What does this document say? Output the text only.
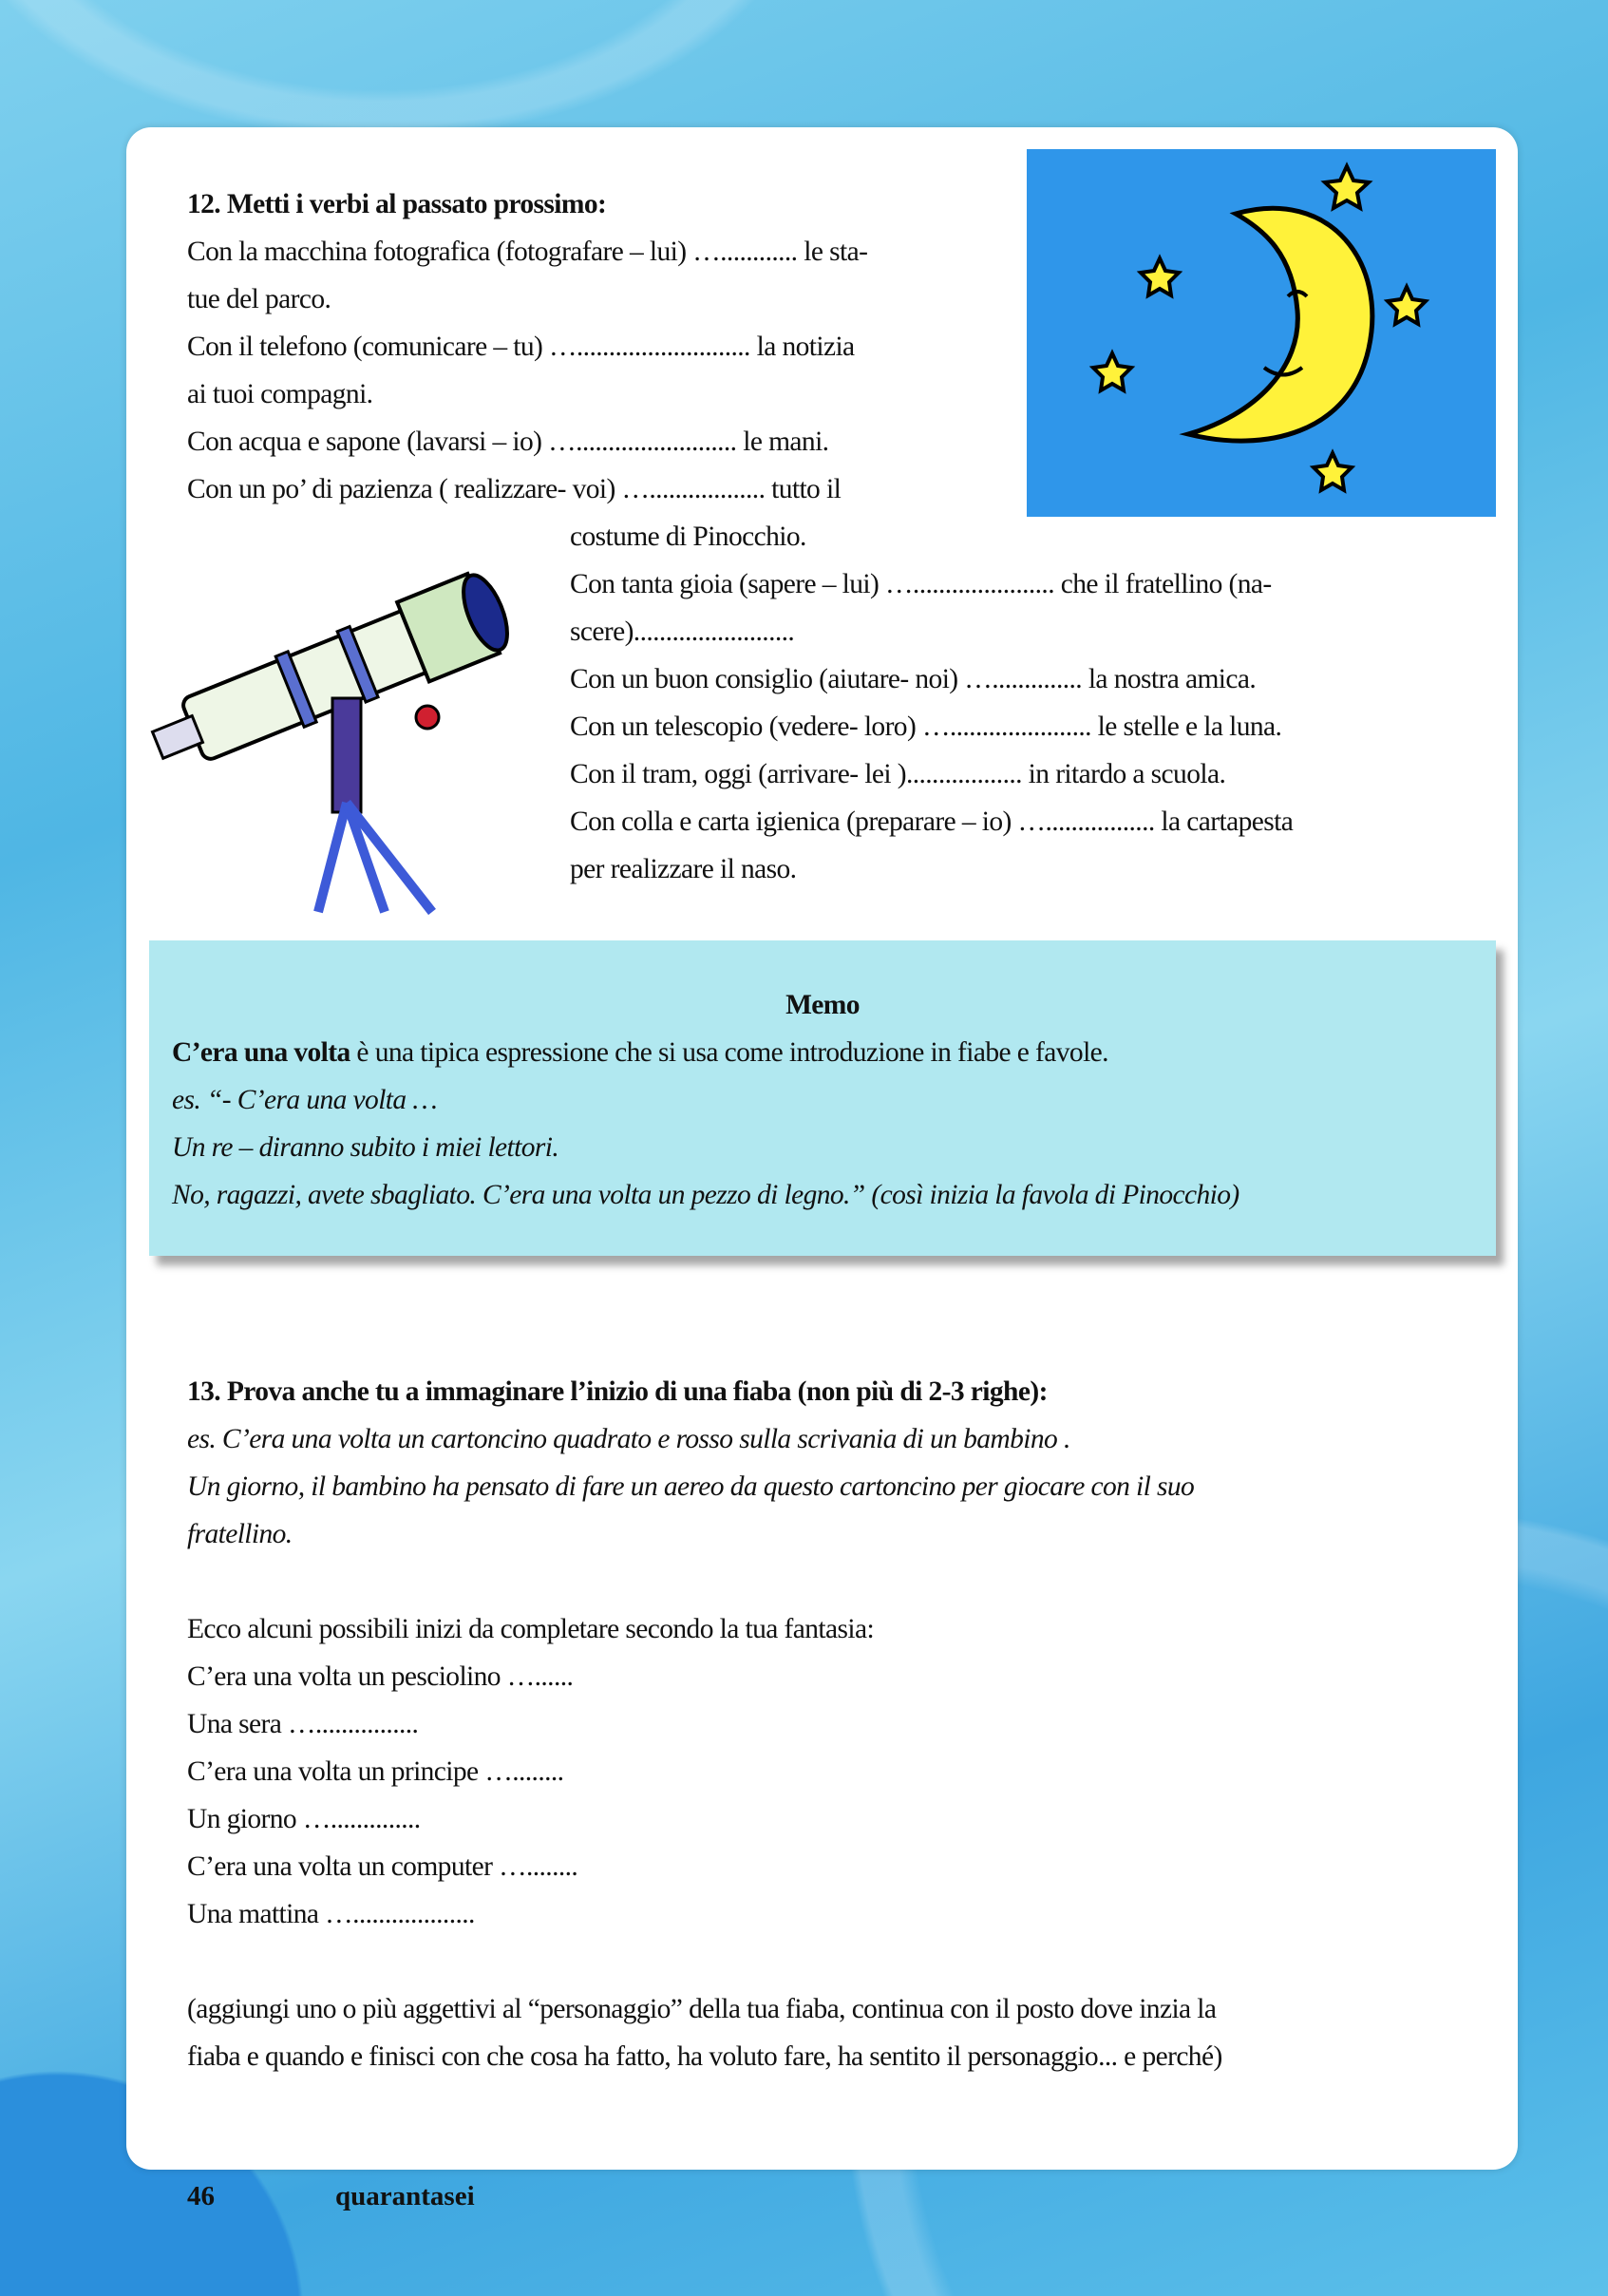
12. Metti i verbi al passato prossimo:
Con la macchina fotografica (fotografare – lui) …............ le sta-
tue del parco.
Con il telefono (comunicare – tu) …........................... la notizia
ai tuoi compagni.
Con acqua e sapone (lavarsi – io) …......................... le mani.
Con un po’ di pazienza ( realizzare- voi) ….................. tutto il
costume di Pinocchio.
Con tanta gioia (sapere – lui) …...................... che il fratellino (na-
scere).........................
Con un buon consiglio (aiutare- noi) ….............. la nostra amica.
Con un telescopio (vedere- loro) …...................... le stelle e la luna.
Con il tram, oggi (arrivare- lei ).................. in ritardo a scuola.
Con colla e carta igienica (preparare – io) …................. la cartapesta
per realizzare il naso.
Memo
C’era una volta è una tipica espressione che si usa come introduzione in fiabe e favole.
es. “- C’era una volta …
Un re – diranno subito i miei lettori.
No, ragazzi, avete sbagliato. C’era una volta un pezzo di legno.” (così inizia la favola di Pinocchio)
13. Prova anche tu a immaginare l’inizio di una fiaba (non più di 2-3 righe):
es. C’era una volta un cartoncino quadrato e rosso sulla scrivania di un bambino .
Un giorno, il bambino ha pensato di fare un aereo da questo cartoncino per giocare con il suo
fratellino.
Ecco alcuni possibili inizi da completare secondo la tua fantasia:
C’era una volta un pesciolino …......
Una sera …................
C’era una volta un principe …........
Un giorno …..............
C’era una volta un computer …........
Una mattina …...................
(aggiungi uno o più aggettivi al “personaggio” della tua fiaba, continua con il posto dove inzia la
fiaba e quando e finisci con che cosa ha fatto, ha voluto fare, ha sentito il personaggio... e perché)
46	quarantasei
